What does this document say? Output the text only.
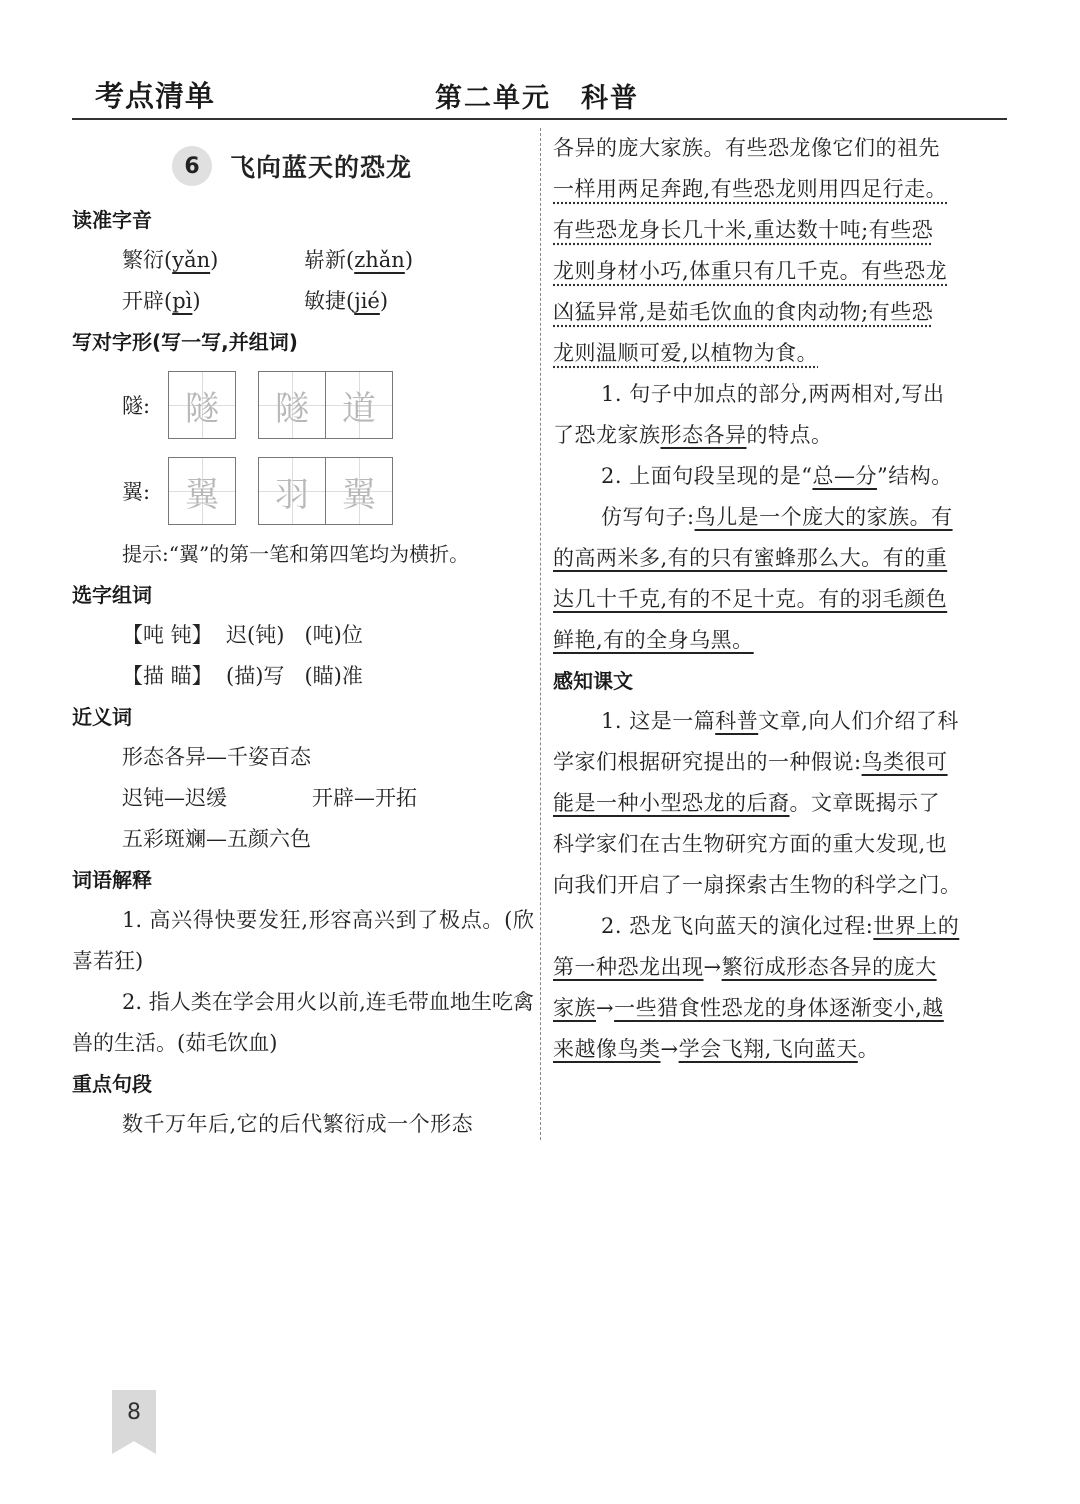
考点清单	第二单元 科普
6	飞向蓝天的恐龙
读准字音
繁衍(yǎn)	崭新(zhǎn)
开辟(pì)	敏捷(jié)
写对字形(写一写,并组词)
隧:	隧	隧 道
翼:	翼	羽 翼
提示:“翼”的第一笔和第四笔均为横折。
选字组词
【吨 钝】 迟(钝) (吨)位
【描 瞄】 (描)写 (瞄)准
近义词
形态各异—千姿百态
迟钝—迟缓	开辟—开拓
五彩斑斓—五颜六色
词语解释

1. 高兴得快要发狂,形容高兴到了极点。(欣喜若狂)

2. 指人类在学会用火以前,连毛带血地生吃禽兽的生活。(茹毛饮血)

重点句段
数千万年后,它的后代繁衍成一个形态
各异的庞大家族。有些恐龙像它们的祖先
一样用两足奔跑,有些恐龙则用四足行走。
有些恐龙身长几十米,重达数十吨;有些恐
龙则身材小巧,体重只有几千克。有些恐龙
凶猛异常,是茹毛饮血的食肉动物;有些恐
龙则温顺可爱,以植物为食。
1. 句子中加点的部分,两两相对,写出
了恐龙家族形态各异的特点。
2. 上面句段呈现的是“总—分”结构。
仿写句子:鸟儿是一个庞大的家族。有
的高两米多,有的只有蜜蜂那么大。有的重
达几十千克,有的不足十克。有的羽毛颜色
鲜艳,有的全身乌黑。
感知课文
1. 这是一篇科普文章,向人们介绍了科
学家们根据研究提出的一种假说:鸟类很可
能是一种小型恐龙的后裔。文章既揭示了
科学家们在古生物研究方面的重大发现,也
向我们开启了一扇探索古生物的科学之门。
2. 恐龙飞向蓝天的演化过程:世界上的
第一种恐龙出现→繁衍成形态各异的庞大
家族→一些猎食性恐龙的身体逐渐变小,越
来越像鸟类→学会飞翔,飞向蓝天。
8
